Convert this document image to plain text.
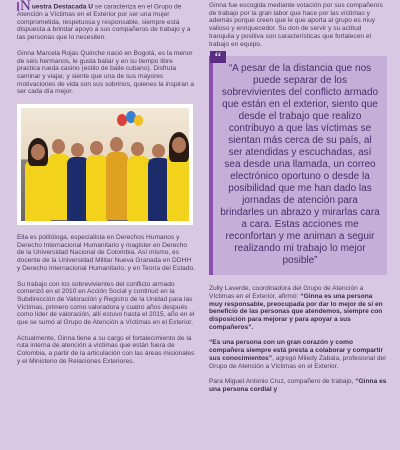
Nuestra Destacada U se caracteriza en el Grupo de Atención a Víctimas en el Exterior por ser una mujer comprometida, respetuosa y responsable, siempre está dispuesta a brindar apoyo a sus compañeros de trabajo y a las personas que lo necesiten.

Ginna Marcela Rojas Quinche nació en Bogotá, es la menor de seis hermanos, le gusta bailar y en su tiempo libre practica rueda casino (estilo de baile cubano). Disfruta caminar y viajar, y siente que una de sus mayores motivaciones de vida son sus sobrinos, quienes la inspiran a ser cada día mejor.

Ella es politóloga, especialista en Derechos Humanos y Derecho Internacional Humanitario y magister en Derecho de la Universidad Nacional de Colombia. Así mismo, es docente de la Universidad Militar Nueva Granada en DDHH y Derecho Internacional Humanitario, y en Teoría del Estado.

Su trabajo con los sobrevivientes del conflicto armado comenzó en el 2010 en Acción Social y continuó en la Subdirección de Valoración y Registro de la Unidad para las Víctimas, primero como valoradora y cuatro años después como líder de valoración, allí estuvo hasta el 2015, año en el que se sumó al Grupo de Atención a Víctimas en el Exterior.

Actualmente, Ginna tiene a su cargo el fortalecimiento de la ruta interna de atención a víctimas que están fuera de Colombia, a partir de la articulación con las áreas misionales y el Ministerio de Relaciones Exteriores.

Ginna fue escogida mediante votación por sus compañeros de trabajo por la gran labor que hace por las víctimas y además porque creen que le que aporta al grupo es muy valioso y enriquecedor. Su don de servir y su actitud tranquila y positiva son características que fortalecen el trabajo en equipo.

“
“A pesar de la distancia que nos puede separar de los sobrevivientes del conflicto armado que están en el exterior, siento que desde el trabajo que realizo contribuyo a que las víctimas se sientan más cerca de su país, al ser atendidas y escuchadas, así sea desde una llamada, un correo electrónico oportuno o desde la posibilidad que me han dado las jornadas de atención para brindarles un abrazo y mirarlas cara a cara. Estas acciones me reconfortan y me animan a seguir realizando mi trabajo lo mejor posible”

Zully Laverde, coordinadora del Grupo de Atención a Víctimas en el Exterior, afirmó: “Ginna es una persona muy responsable, preocupada por dar lo mejor de sí en beneficio de las personas que atendemos, siempre con disposición para mejorar y para apoyar a sus compañeros”.

“Es una persona con un gran corazón y como compañera siempre está presta a colaborar y compartir sus conocimientos”, agregó Miledy Zabala, profesional del Grupo de Atención a Víctimas en el Exterior.

Para Miguel Antonio Cruz, compañero de trabajo, “Ginna es una persona cordial y
